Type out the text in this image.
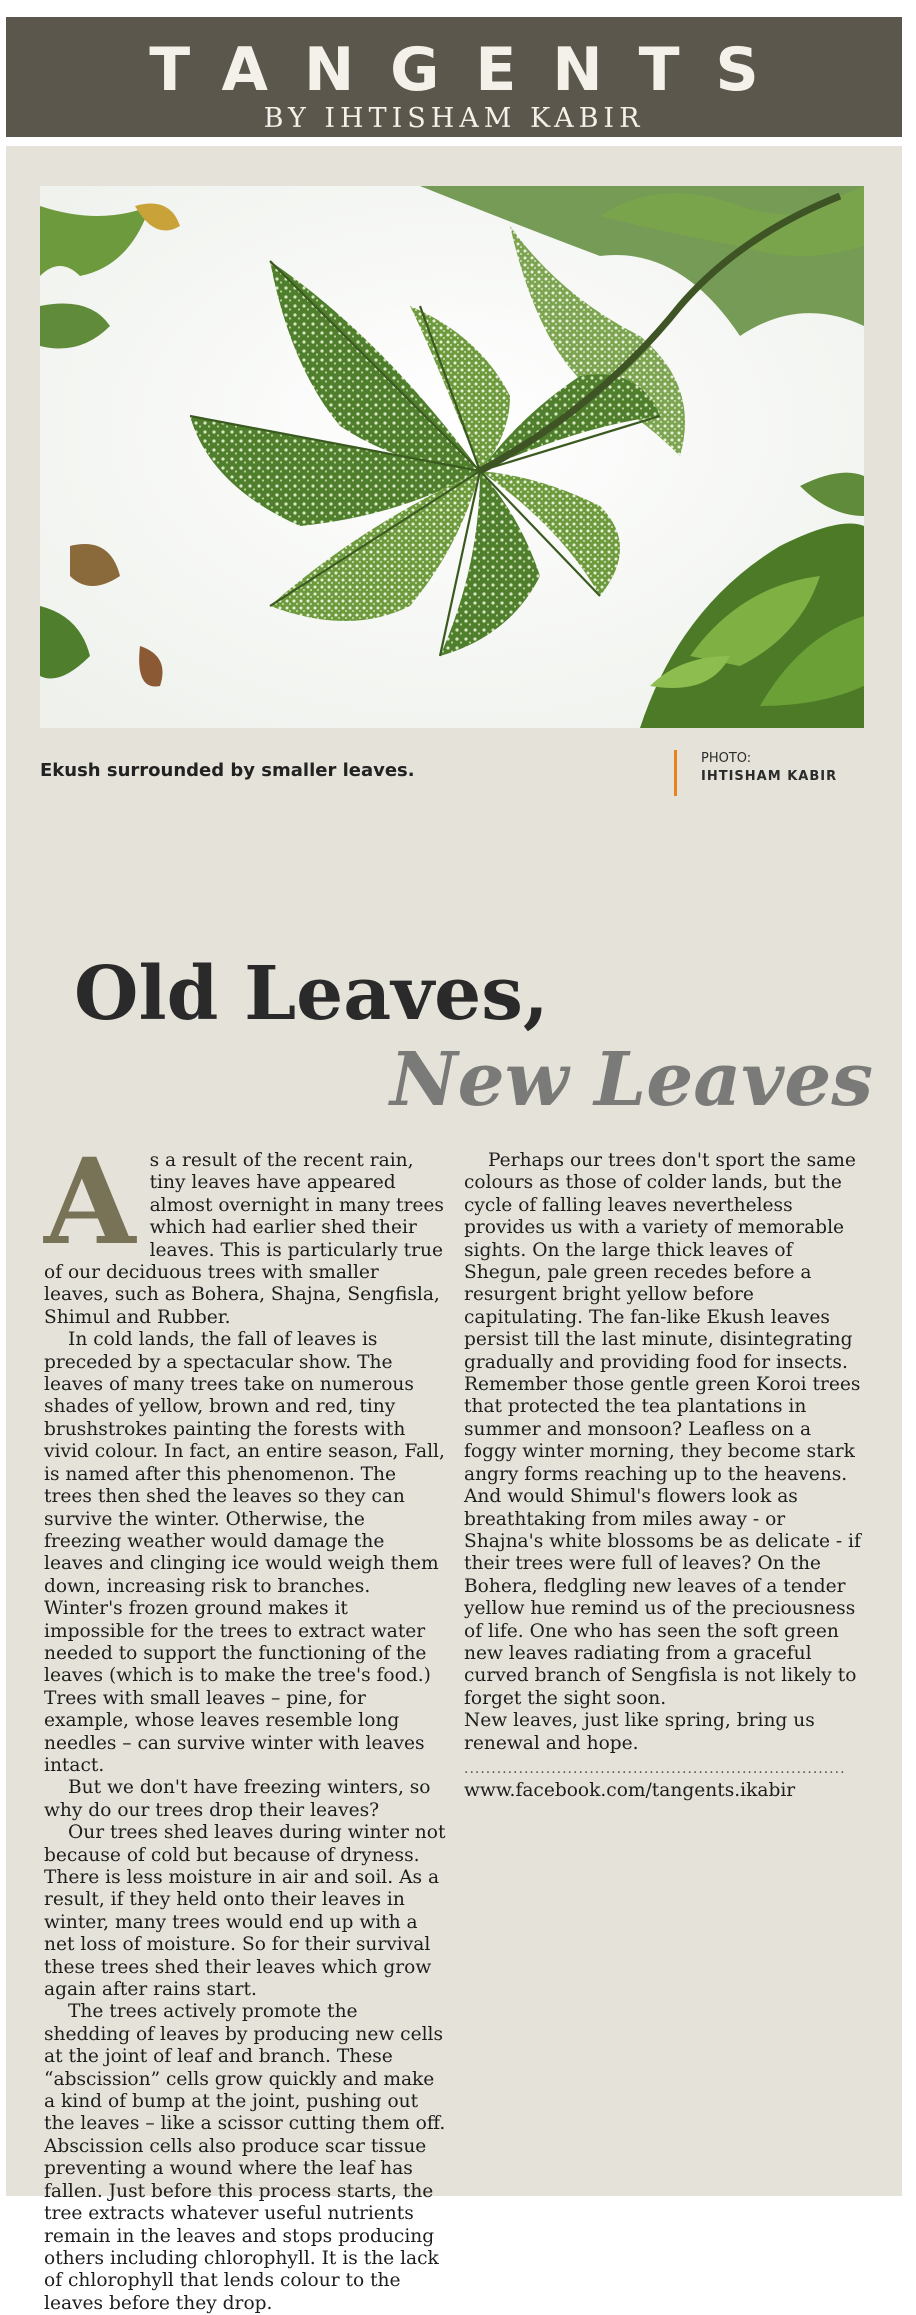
TANGENTS
BY IHTISHAM KABIR
Ekush surrounded by smaller leaves.
PHOTO:
IHTISHAM KABIR
Old Leaves,
New Leaves

As a result of the recent rain, tiny leaves have appeared almost overnight in many trees which had earlier shed their leaves. This is particularly true of our deciduous trees with smaller leaves, such as Bohera, Shajna, Sengfisla, Shimul and Rubber.

In cold lands, the fall of leaves is preceded by a spectacular show. The leaves of many trees take on numerous shades of yellow, brown and red, tiny brushstrokes painting the forests with vivid colour. In fact, an entire season, Fall, is named after this phenomenon. The trees then shed the leaves so they can survive the winter. Otherwise, the freezing weather would damage the leaves and clinging ice would weigh them down, increasing risk to branches. Winter's frozen ground makes it impossible for the trees to extract water needed to support the functioning of the leaves (which is to make the tree's food.) Trees with small leaves – pine, for example, whose leaves resemble long needles – can survive winter with leaves intact.

But we don't have freezing winters, so why do our trees drop their leaves?

Our trees shed leaves during winter not because of cold but because of dryness. There is less moisture in air and soil. As a result, if they held onto their leaves in winter, many trees would end up with a net loss of moisture. So for their survival these trees shed their leaves which grow again after rains start.

The trees actively promote the shedding of leaves by producing new cells at the joint of leaf and branch. These “abscission” cells grow quickly and make a kind of bump at the joint, pushing out the leaves – like a scissor cutting them off. Abscission cells also produce scar tissue preventing a wound where the leaf has fallen. Just before this process starts, the tree extracts whatever useful nutrients remain in the leaves and stops producing others including chlorophyll. It is the lack of chlorophyll that lends colour to the leaves before they drop.

Perhaps our trees don't sport the same colours as those of colder lands, but the cycle of falling leaves nevertheless provides us with a variety of memorable sights. On the large thick leaves of Shegun, pale green recedes before a resurgent bright yellow before capitulating. The fan-like Ekush leaves persist till the last minute, disintegrating gradually and providing food for insects. Remember those gentle green Koroi trees that protected the tea plantations in summer and monsoon? Leafless on a foggy winter morning, they become stark angry forms reaching up to the heavens. And would Shimul's flowers look as breathtaking from miles away - or Shajna's white blossoms be as delicate - if their trees were full of leaves? On the Bohera, fledgling new leaves of a tender yellow hue remind us of the preciousness of life. One who has seen the soft green new leaves radiating from a graceful curved branch of Sengfisla is not likely to forget the sight soon.

New leaves, just like spring, bring us renewal and hope.

......................................................................
www.facebook.com/tangents.ikabir
